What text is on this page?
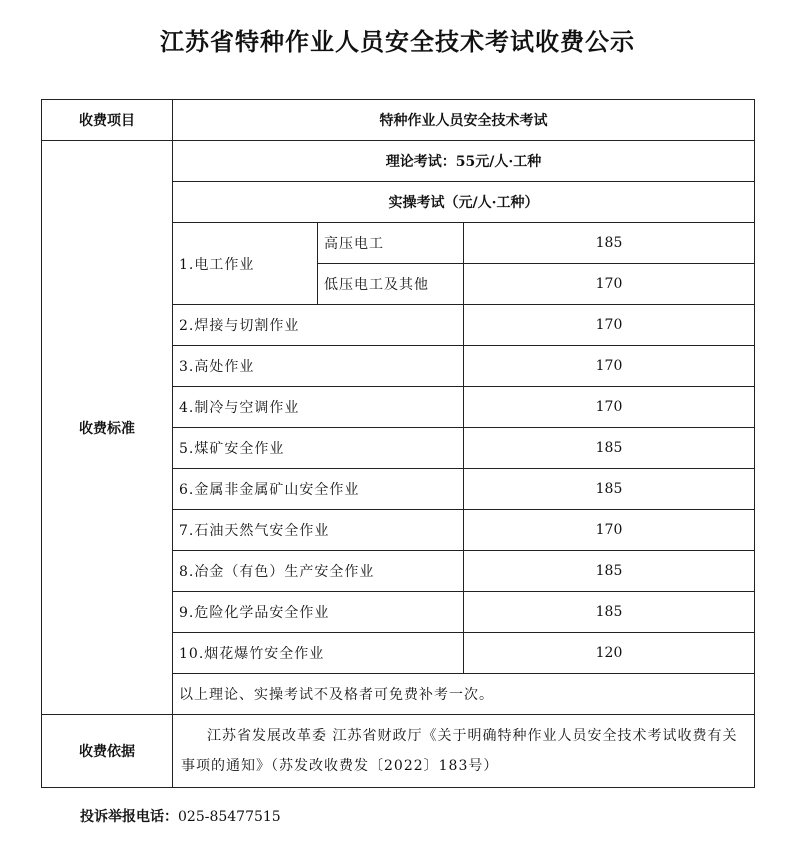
江苏省特种作业人员安全技术考试收费公示
收费项目	特种作业人员安全技术考试		
收费标准	理论考试：55元/人·工种		
	实操考试（元/人·工种）		
	1.电工作业	高压电工	185
		低压电工及其他	170
	2.焊接与切割作业		170
	3.高处作业		170
	4.制冷与空调作业		170
	5.煤矿安全作业		185
	6.金属非金属矿山安全作业		185
	7.石油天然气安全作业		170
	8.冶金（有色）生产安全作业		185
	9.危险化学品安全作业		185
	10.烟花爆竹安全作业		120
	以上理论、实操考试不及格者可免费补考一次。		
收费依据	江苏省发展改革委 江苏省财政厅《关于明确特种作业人员安全技术考试收费有关事项的通知》（苏发改收费发〔2022〕183号）		
投诉举报电话：025-85477515
